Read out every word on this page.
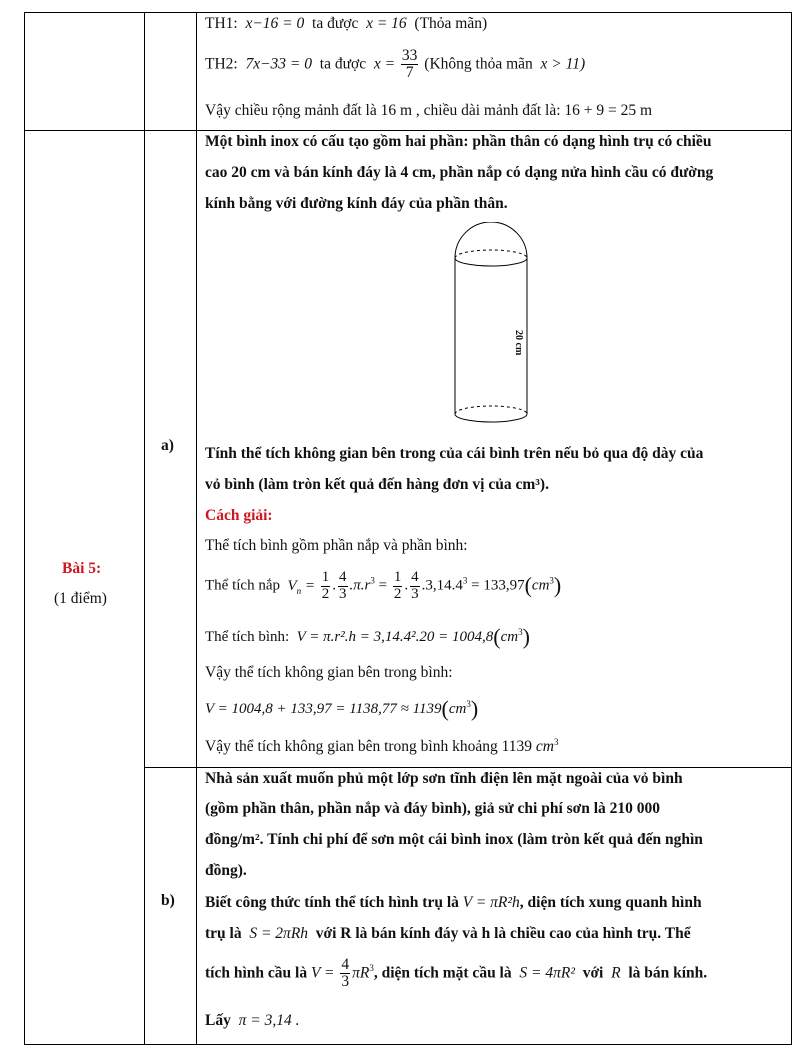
TH1: x−16 = 0 ta được x = 16 (Thỏa mãn)
TH2: 7x−33 = 0 ta được $x = \frac{33}{7}$ (Không thỏa mãn x > 11)
Vậy chiều rộng mảnh đất là 16 m , chiều dài mảnh đất là: 16 + 9 = 25 m
Bài 5:
(1 điểm)
a)
b)
Một bình inox có cấu tạo gồm hai phần: phần thân có dạng hình trụ có chiều
cao 20 cm và bán kính đáy là 4 cm, phần nắp có dạng nửa hình cầu có đường
kính bằng với đường kính đáy của phần thân.
20 cm
Tính thể tích không gian bên trong của cái bình trên nếu bỏ qua độ dày của
vỏ bình (làm tròn kết quả đến hàng đơn vị của cm³).
Cách giải:
Thể tích bình gồm phần nắp và phần bình:
Thể tích nắp $V_n = \frac{1}{2}$ . $\frac{4}{3} .\pi.r^3 = \frac{1}{2}$ . $\frac{4}{3} .3,14.4^3 = 133,97(cm^3)$
Thể tích bình: $V = \pi.r^2.h = 3,14.4^2.20 = 1004,8(cm^3)$
Vậy thể tích không gian bên trong bình:
$V = 1004,8 + 133,97 = 1138,77 \approx 1139(cm^3)$
Vậy thể tích không gian bên trong bình khoảng 1139 $cm^3$
Nhà sản xuất muốn phủ một lớp sơn tĩnh điện lên mặt ngoài của vỏ bình
(gồm phần thân, phần nắp và đáy bình), giả sử chi phí sơn là 210 000
đồng/m². Tính chi phí để sơn một cái bình inox (làm tròn kết quả đến nghìn
đồng).
Biết công thức tính thể tích hình trụ là V = πR²h, diện tích xung quanh hình
trụ là S = 2πRh với R là bán kính đáy và h là chiều cao của hình trụ. Thể
tích hình cầu là $V = \frac{4}{3} \pi R^3$, diện tích mặt cầu là S = 4πR² với R là bán kính.
Lấy π = 3,14 .
